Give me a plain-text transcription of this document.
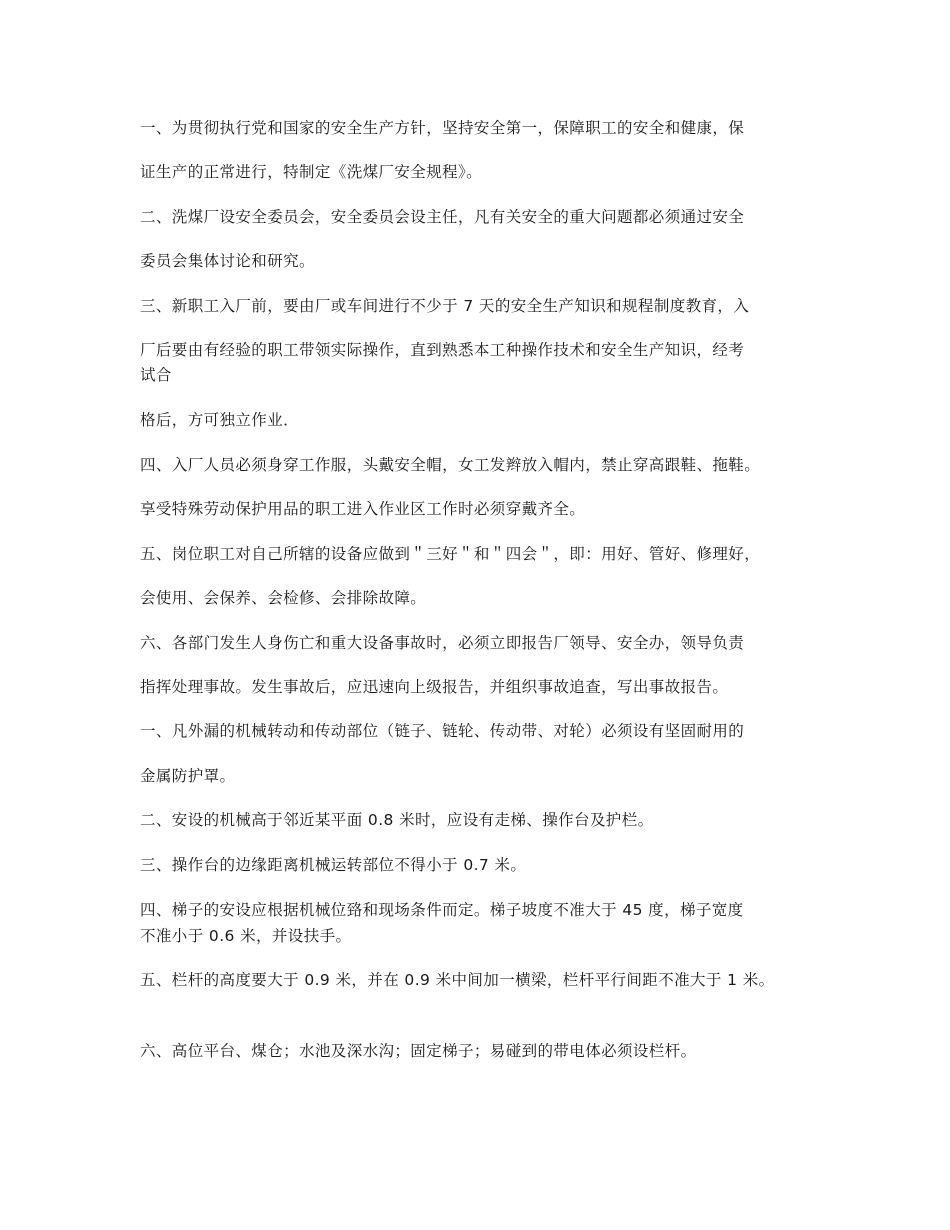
一、为贯彻执行党和国家的安全生产方针，坚持安全第一，保障职工的安全和健康，保
证生产的正常进行，特制定《洗煤厂安全规程》。
二、洗煤厂设安全委员会，安全委员会设主任，凡有关安全的重大问题都必须通过安全
委员会集体讨论和研究。
三、新职工入厂前，要由厂或车间进行不少于 7 天的安全生产知识和规程制度教育，入
厂后要由有经验的职工带领实际操作，直到熟悉本工种操作技术和安全生产知识，经考
试合
格后，方可独立作业．
四、入厂人员必须身穿工作服，头戴安全帽，女工发辫放入帽内，禁止穿高跟鞋、拖鞋。
享受特殊劳动保护用品的职工进入作业区工作时必须穿戴齐全。
五、岗位职工对自己所辖的设备应做到＂三好＂和＂四会＂，即：用好、管好、修理好，
会使用、会保养、会检修、会排除故障。
六、各部门发生人身伤亡和重大设备事故时，必须立即报告厂领导、安全办，领导负责
指挥处理事故。发生事故后，应迅速向上级报告，并组织事故追查，写出事故报告。
一、凡外漏的机械转动和传动部位（链子、链轮、传动带、对轮）必须设有坚固耐用的
金属防护罩。
二、安设的机械高于邻近某平面 0.8 米时，应设有走梯、操作台及护栏。
三、操作台的边缘距离机械运转部位不得小于 0.7 米。
四、梯子的安设应根据机械位臵和现场条件而定。梯子坡度不准大于 45 度，梯子宽度
不准小于 0.6 米，并设扶手。
五、栏杆的高度要大于 0.9 米，并在 0.9 米中间加一横梁，栏杆平行间距不准大于 1 米。
六、高位平台、煤仓；水池及深水沟；固定梯子；易碰到的带电体必须设栏杆。
